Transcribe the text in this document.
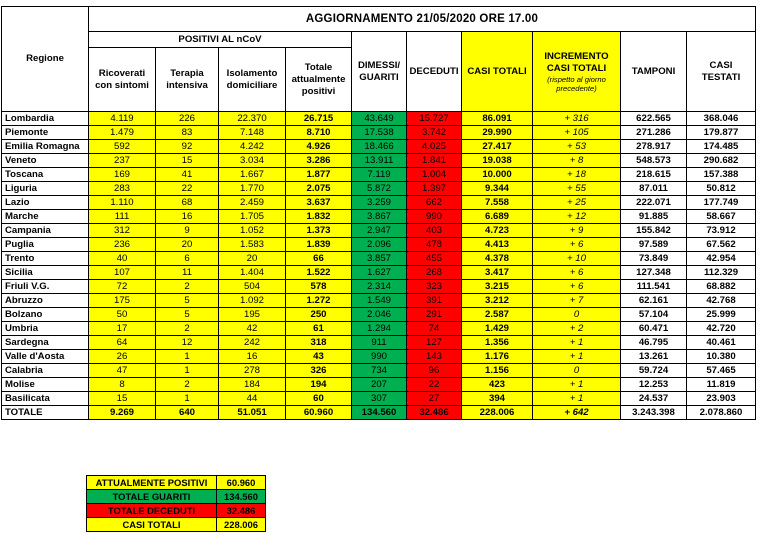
Regione	AGGIORNAMENTO 21/05/2020 ORE 17.00									
	POSITIVI AL nCoV				DIMESSI/ GUARITI	DECEDUTI	CASI TOTALI	INCREMENTO CASI TOTALI
(rispetto al giorno precedente)	TAMPONI	CASI TESTATI
	Ricoverati con sintomi	Terapia intensiva	Isolamento domiciliare	Totale attualmente positivi						
Lombardia	4.119	226	22.370	26.715	43.649	15.727	86.091	+ 316	622.565	368.046
Piemonte	1.479	83	7.148	8.710	17.538	3.742	29.990	+ 105	271.286	179.877
Emilia Romagna	592	92	4.242	4.926	18.466	4.025	27.417	+ 53	278.917	174.485
Veneto	237	15	3.034	3.286	13.911	1.841	19.038	+ 8	548.573	290.682
Toscana	169	41	1.667	1.877	7.119	1.004	10.000	+ 18	218.615	157.388
Liguria	283	22	1.770	2.075	5.872	1.397	9.344	+ 55	87.011	50.812
Lazio	1.110	68	2.459	3.637	3.259	662	7.558	+ 25	222.071	177.749
Marche	111	16	1.705	1.832	3.867	990	6.689	+ 12	91.885	58.667
Campania	312	9	1.052	1.373	2.947	403	4.723	+ 9	155.842	73.912
Puglia	236	20	1.583	1.839	2.096	478	4.413	+ 6	97.589	67.562
Trento	40	6	20	66	3.857	455	4.378	+ 10	73.849	42.954
Sicilia	107	11	1.404	1.522	1.627	268	3.417	+ 6	127.348	112.329
Friuli V.G.	72	2	504	578	2.314	323	3.215	+ 6	111.541	68.882
Abruzzo	175	5	1.092	1.272	1.549	391	3.212	+ 7	62.161	42.768
Bolzano	50	5	195	250	2.046	291	2.587	0	57.104	25.999
Umbria	17	2	42	61	1.294	74	1.429	+ 2	60.471	42.720
Sardegna	64	12	242	318	911	127	1.356	+ 1	46.795	40.461
Valle d'Aosta	26	1	16	43	990	143	1.176	+ 1	13.261	10.380
Calabria	47	1	278	326	734	96	1.156	0	59.724	57.465
Molise	8	2	184	194	207	22	423	+ 1	12.253	11.819
Basilicata	15	1	44	60	307	27	394	+ 1	24.537	23.903
TOTALE	9.269	640	51.051	60.960	134.560	32.486	228.006	+ 642	3.243.398	2.078.860
ATTUALMENTE POSITIVI	60.960
TOTALE GUARITI	134.560
TOTALE DECEDUTI	32.486
CASI TOTALI	228.006
